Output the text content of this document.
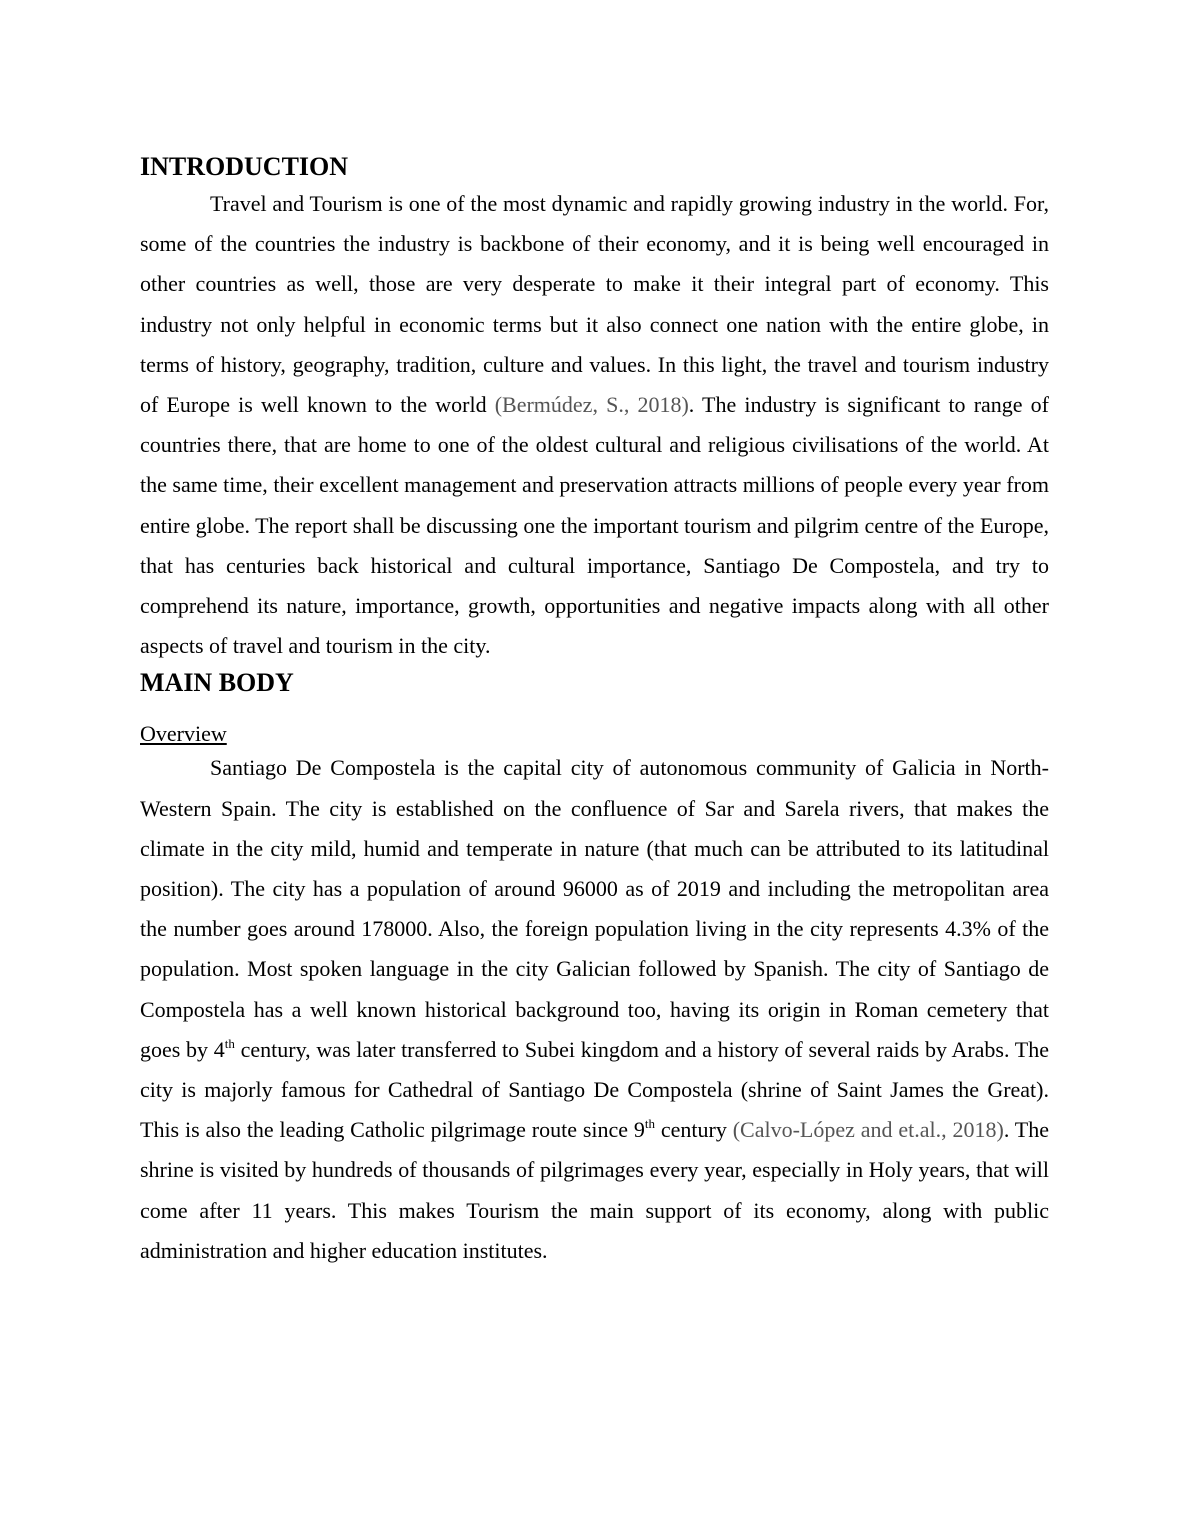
INTRODUCTION

Travel and Tourism is one of the most dynamic and rapidly growing industry in the world. For, some of the countries the industry is backbone of their economy, and it is being well encouraged in other countries as well, those are very desperate to make it their integral part of economy. This industry not only helpful in economic terms but it also connect one nation with the entire globe, in terms of history, geography, tradition, culture and values. In this light, the travel and tourism industry of Europe is well known to the world (Bermúdez, S., 2018). The industry is significant to range of countries there, that are home to one of the oldest cultural and religious civilisations of the world. At the same time, their excellent management and preservation attracts millions of people every year from entire globe. The report shall be discussing one the important tourism and pilgrim centre of the Europe, that has centuries back historical and cultural importance, Santiago De Compostela, and try to comprehend its nature, importance, growth, opportunities and negative impacts along with all other aspects of travel and tourism in the city.

MAIN BODY
Overview

Santiago De Compostela is the capital city of autonomous community of Galicia in North-Western Spain. The city is established on the confluence of Sar and Sarela rivers, that makes the climate in the city mild, humid and temperate in nature (that much can be attributed to its latitudinal position). The city has a population of around 96000 as of 2019 and including the metropolitan area the number goes around 178000. Also, the foreign population living in the city represents 4.3% of the population. Most spoken language in the city Galician followed by Spanish. The city of Santiago de Compostela has a well known historical background too, having its origin in Roman cemetery that goes by 4th century, was later transferred to Subei kingdom and a history of several raids by Arabs. The city is majorly famous for Cathedral of Santiago De Compostela (shrine of Saint James the Great). This is also the leading Catholic pilgrimage route since 9th century (Calvo-López and et.al., 2018). The shrine is visited by hundreds of thousands of pilgrimages every year, especially in Holy years, that will come after 11 years. This makes Tourism the main support of its economy, along with public administration and higher education institutes.
